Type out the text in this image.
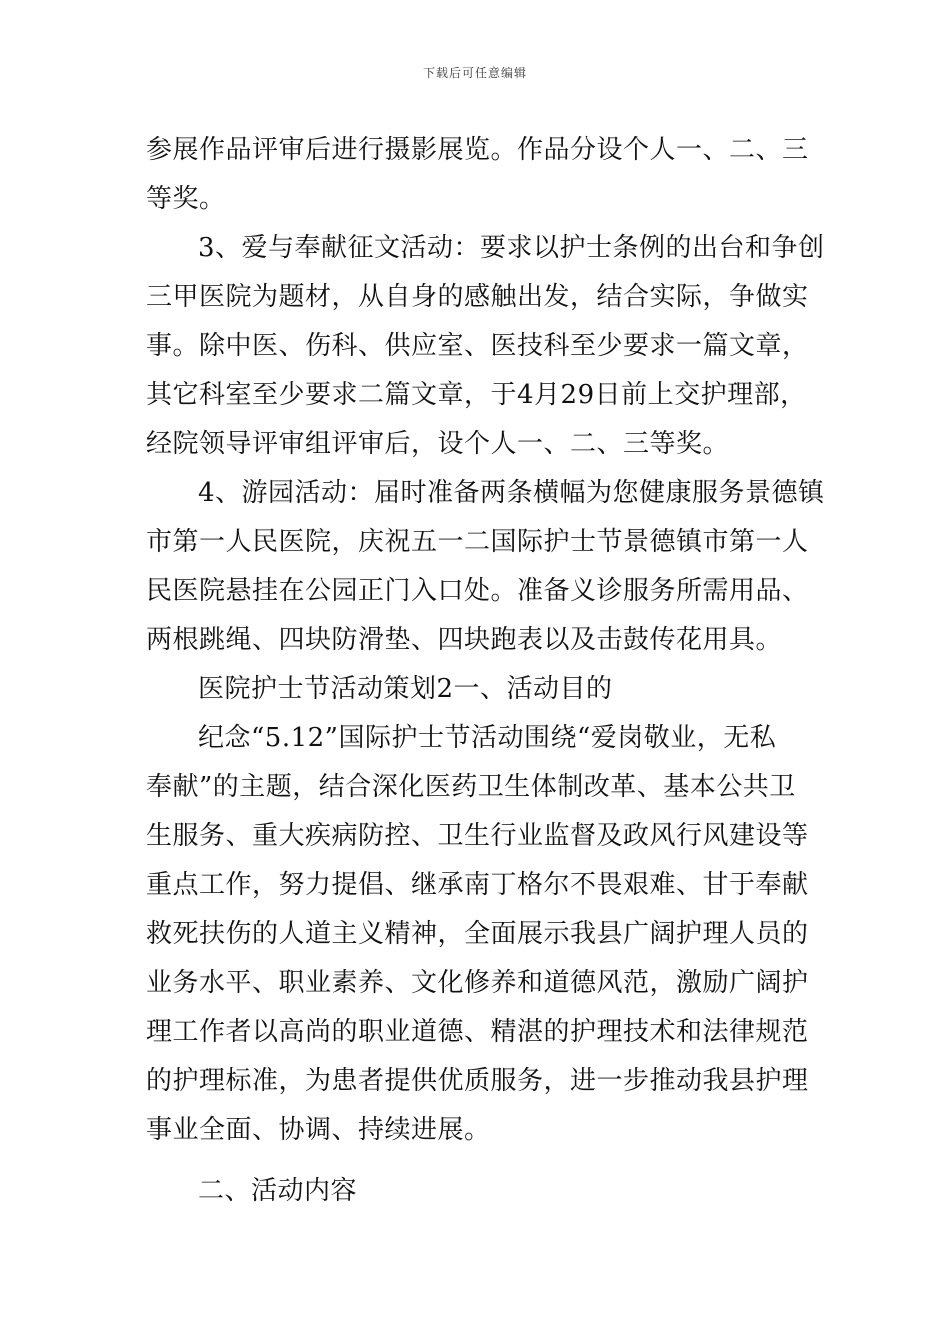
下载后可任意编辑
参展作品评审后进行摄影展览。作品分设个人一、二、三
等奖。
3、爱与奉献征文活动：要求以护士条例的出台和争创
三甲医院为题材，从自身的感触出发，结合实际，争做实
事。除中医、伤科、供应室、医技科至少要求一篇文章，
其它科室至少要求二篇文章，于4月29日前上交护理部，
经院领导评审组评审后，设个人一、二、三等奖。
4、游园活动：届时准备两条横幅为您健康服务景德镇
市第一人民医院，庆祝五一二国际护士节景德镇市第一人
民医院悬挂在公园正门入口处。准备义诊服务所需用品、
两根跳绳、四块防滑垫、四块跑表以及击鼓传花用具。
医院护士节活动策划2一、活动目的
纪念“5.12”国际护士节活动围绕“爱岗敬业，无私
奉献”的主题，结合深化医药卫生体制改革、基本公共卫
生服务、重大疾病防控、卫生行业监督及政风行风建设等
重点工作，努力提倡、继承南丁格尔不畏艰难、甘于奉献
救死扶伤的人道主义精神，全面展示我县广阔护理人员的
业务水平、职业素养、文化修养和道德风范，激励广阔护
理工作者以高尚的职业道德、精湛的护理技术和法律规范
的护理标准，为患者提供优质服务，进一步推动我县护理
事业全面、协调、持续进展。
二、活动内容
